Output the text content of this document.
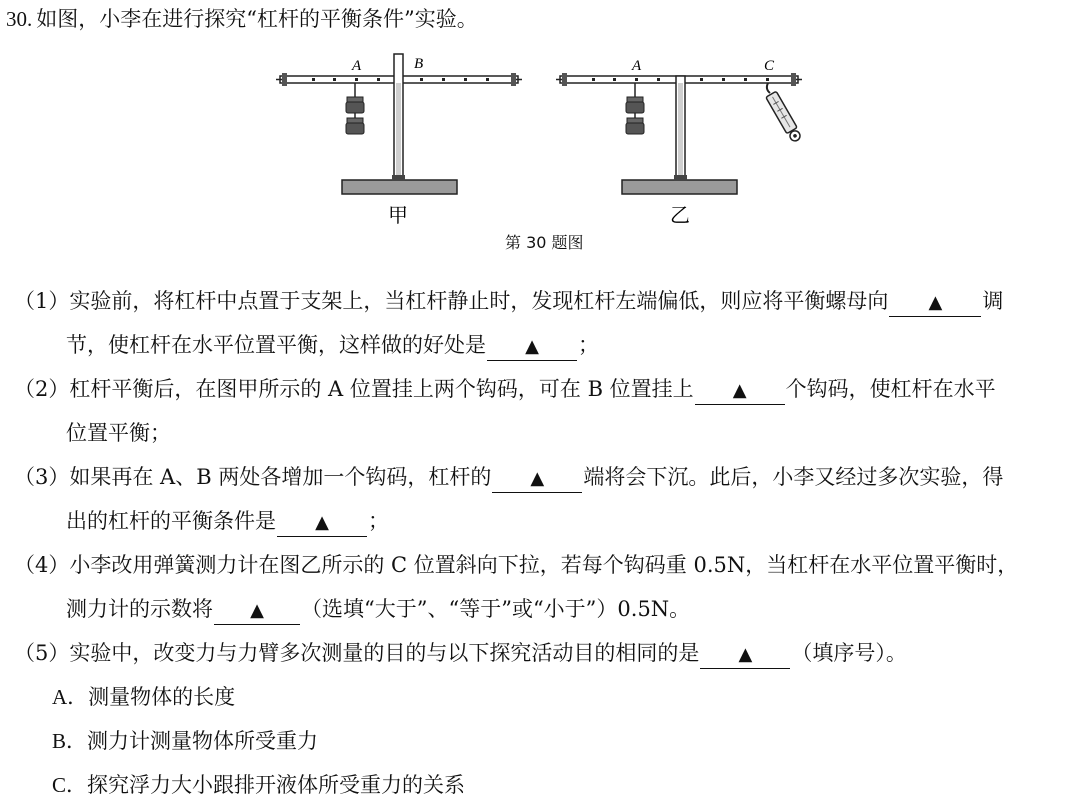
30. 如图，小李在进行探究“杠杆的平衡条件”实验。
A	B
甲
A	C
乙
第 30 题图
（1）实验前，将杠杆中点置于支架上，当杠杆静止时，发现杠杆左端偏低，则应将平衡螺母向 ▲ 调
节，使杠杆在水平位置平衡，这样做的好处是 ▲ ；
（2）杠杆平衡后，在图甲所示的 A 位置挂上两个钩码，可在 B 位置挂上 ▲ 个钩码，使杠杆在水平
位置平衡；
（3）如果再在 A、B 两处各增加一个钩码，杠杆的 ▲ 端将会下沉。此后，小李又经过多次实验，得
出的杠杆的平衡条件是 ▲ ；
（4）小李改用弹簧测力计在图乙所示的 C 位置斜向下拉，若每个钩码重 0.5N，当杠杆在水平位置平衡时，
测力计的示数将 ▲ （选填“大于”、“等于”或“小于”）0.5N。
（5）实验中，改变力与力臂多次测量的目的与以下探究活动目的相同的是 ▲ （填序号）。
A．测量物体的长度
B．测力计测量物体所受重力
C．探究浮力大小跟排开液体所受重力的关系
